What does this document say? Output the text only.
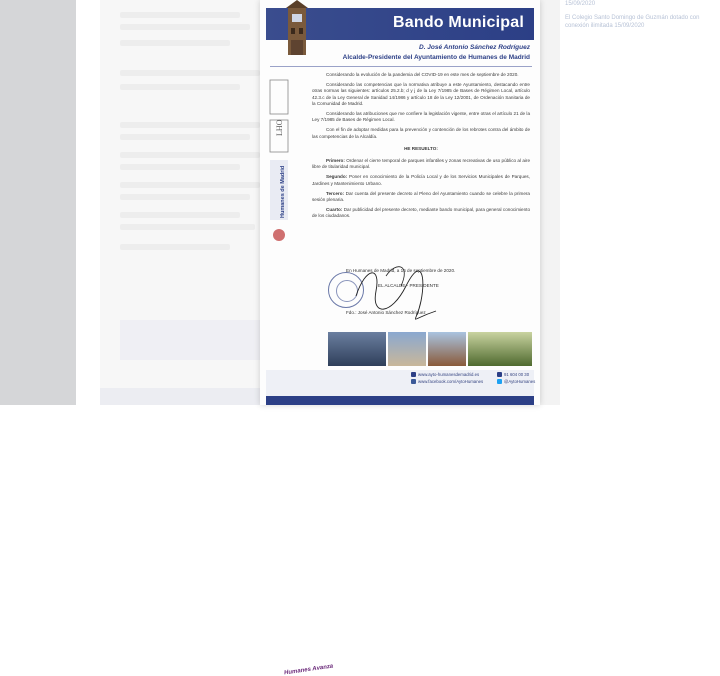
15/09/2020
El Colegio Santo Domingo de Guzmán dotado con conexión ilimitada 15/09/2020
Bando Municipal
D. José Antonio Sánchez Rodríguez
Alcalde-Presidente del Ayuntamiento de Humanes de Madrid
LHO
Humanes de Madrid

Considerando la evolución de la pandemia del COVID-19 en este mes de septiembre de 2020.

Considerando las competencias que la normativa atribuye a este Ayuntamiento, destacando entre otras normas las siguientes: artículos 25.2.b; d y j de la Ley 7/1985 de Bases de Régimen Local, artículo 42.3.c de la Ley General de Sanidad 14/1986 y artículo 18 de la Ley 12/2001, de Ordenación Sanitaria de la Comunidad de Madrid.

Considerando las atribuciones que me confiere la legislación vigente, entre otras el artículo 21 de la Ley 7/1985 de Bases de Régimen Local.

Con el fin de adoptar medidas para la prevención y contención de los rebrotes contra del ámbito de las competencias de la Alcaldía.

HE RESUELTO:

Primero: Ordenar el cierre temporal de parques infantiles y zonas recreativas de uso público al aire libre de titularidad municipal.

Segundo: Poner en conocimiento de la Policía Local y de los Servicios Municipales de Parques, Jardines y Mantenimiento Urbano.

Tercero: Dar cuenta del presente decreto al Pleno del Ayuntamiento cuando se celebre la primera sesión plenaria.

Cuarto: Dar publicidad del presente decreto, mediante bando municipal, para general conocimiento de los ciudadanos.

En Humanes de Madrid, a 16 de septiembre de 2020.
EL ALCALDE - PRESIDENTE
Fdo.: José Antonio Sánchez Rodríguez
Humanes Avanza
www.ayto-humanesdemadrid.es
www.facebook.com/AytoHumanes
91 604 00 30
@AytoHumanes
